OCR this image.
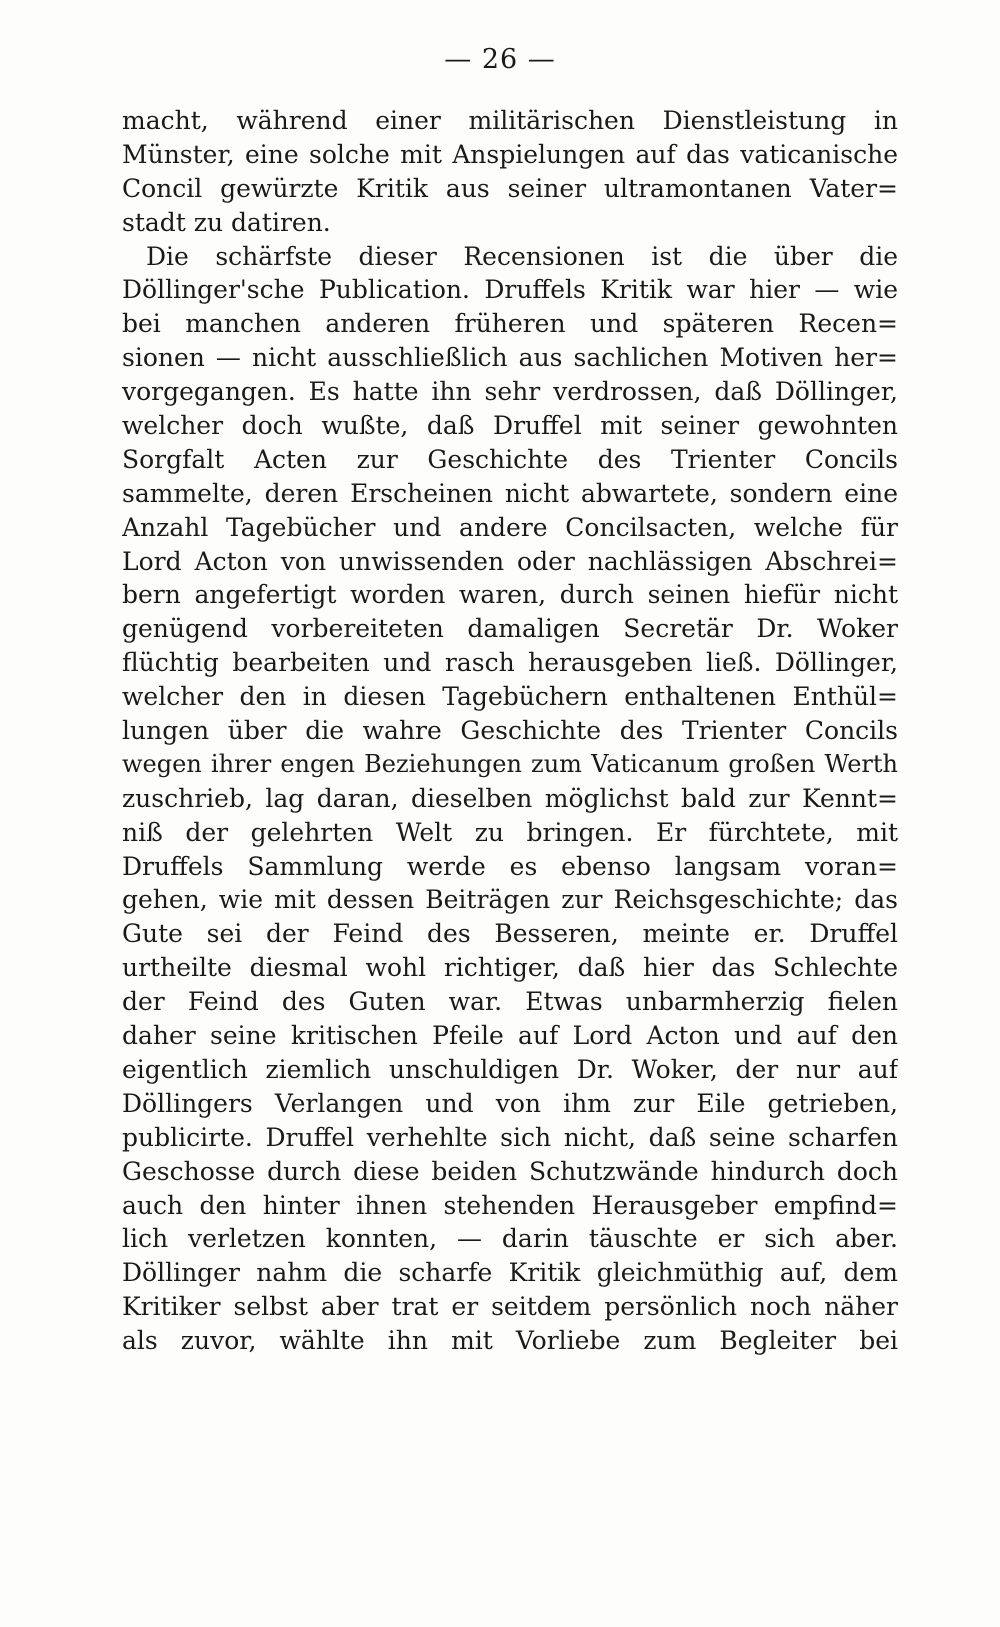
— 26 —
macht, während einer militärischen Dienstleistung in
Münster, eine solche mit Anspielungen auf das vaticanische
Concil gewürzte Kritik aus seiner ultramontanen Vater=
stadt zu datiren.
Die schärfste dieser Recensionen ist die über die
Döllinger'sche Publication. Druffels Kritik war hier — wie
bei manchen anderen früheren und späteren Recen=
sionen — nicht ausschließlich aus sachlichen Motiven her=
vorgegangen. Es hatte ihn sehr verdrossen, daß Döllinger,
welcher doch wußte, daß Druffel mit seiner gewohnten
Sorgfalt Acten zur Geschichte des Trienter Concils
sammelte, deren Erscheinen nicht abwartete, sondern eine
Anzahl Tagebücher und andere Concilsacten, welche für
Lord Acton von unwissenden oder nachlässigen Abschrei=
bern angefertigt worden waren, durch seinen hiefür nicht
genügend vorbereiteten damaligen Secretär Dr. Woker
flüchtig bearbeiten und rasch herausgeben ließ. Döllinger,
welcher den in diesen Tagebüchern enthaltenen Enthül=
lungen über die wahre Geschichte des Trienter Concils
wegen ihrer engen Beziehungen zum Vaticanum großen Werth
zuschrieb, lag daran, dieselben möglichst bald zur Kennt=
niß der gelehrten Welt zu bringen. Er fürchtete, mit
Druffels Sammlung werde es ebenso langsam voran=
gehen, wie mit dessen Beiträgen zur Reichsgeschichte; das
Gute sei der Feind des Besseren, meinte er. Druffel
urtheilte diesmal wohl richtiger, daß hier das Schlechte
der Feind des Guten war. Etwas unbarmherzig fielen
daher seine kritischen Pfeile auf Lord Acton und auf den
eigentlich ziemlich unschuldigen Dr. Woker, der nur auf
Döllingers Verlangen und von ihm zur Eile getrieben,
publicirte. Druffel verhehlte sich nicht, daß seine scharfen
Geschosse durch diese beiden Schutzwände hindurch doch
auch den hinter ihnen stehenden Herausgeber empfind=
lich verletzen konnten, — darin täuschte er sich aber.
Döllinger nahm die scharfe Kritik gleichmüthig auf, dem
Kritiker selbst aber trat er seitdem persönlich noch näher
als zuvor, wählte ihn mit Vorliebe zum Begleiter bei
